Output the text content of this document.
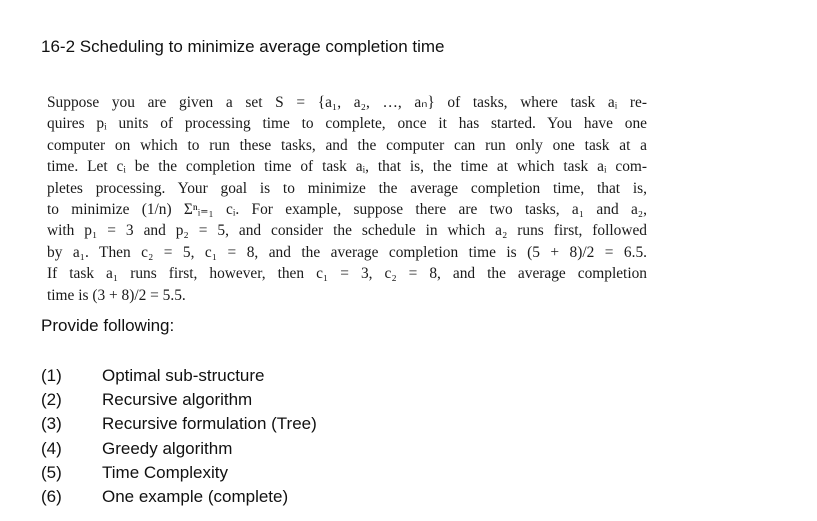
16-2 Scheduling to minimize average completion time
Suppose you are given a set S = {a₁, a₂, …, aₙ} of tasks, where task aᵢ re-
quires pᵢ units of processing time to complete, once it has started. You have one
computer on which to run these tasks, and the computer can run only one task at a
time. Let cᵢ be the completion time of task aᵢ, that is, the time at which task aᵢ com-
pletes processing. Your goal is to minimize the average completion time, that is,
to minimize (1/n) Σⁿᵢ₌₁ cᵢ. For example, suppose there are two tasks, a₁ and a₂,
with p₁ = 3 and p₂ = 5, and consider the schedule in which a₂ runs first, followed
by a₁. Then c₂ = 5, c₁ = 8, and the average completion time is (5 + 8)/2 = 6.5.
If task a₁ runs first, however, then c₁ = 3, c₂ = 8, and the average completion
time is (3 + 8)/2 = 5.5.
Provide following:
(1)	Optimal sub-structure
(2)	Recursive algorithm
(3)	Recursive formulation (Tree)
(4)	Greedy algorithm
(5)	Time Complexity
(6)	One example (complete)
